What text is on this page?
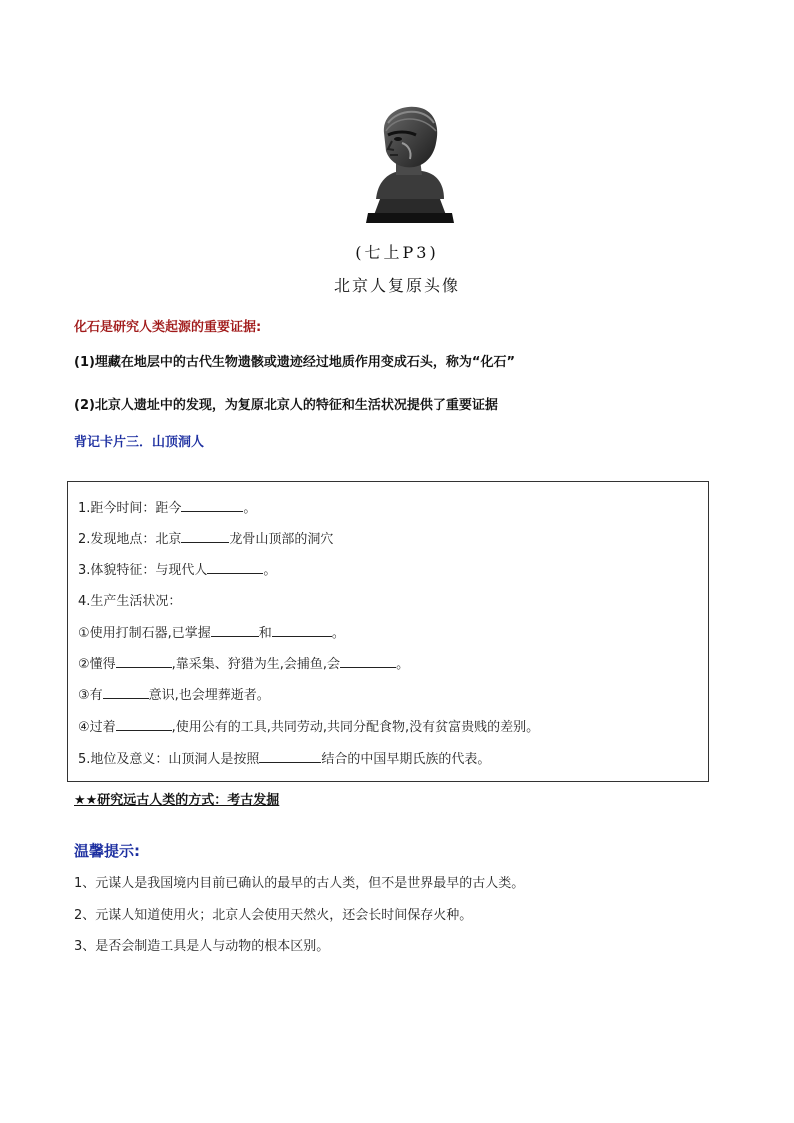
(七上P3)
北京人复原头像
化石是研究人类起源的重要证据:
(1)埋藏在地层中的古代生物遗骸或遗迹经过地质作用变成石头，称为“化石”
(2)北京人遗址中的发现，为复原北京人的特征和生活状况提供了重要证据
背记卡片三．山顶洞人
1.距今时间：距今	。
2.发现地点：北京	龙骨山顶部的洞穴
3.体貌特征：与现代人	。
4.生产生活状况：
①使用打制石器,已掌握	和	。
②懂得	,靠采集、狩猎为生,会捕鱼,会	。
③有	意识,也会埋葬逝者。
④过着	,使用公有的工具,共同劳动,共同分配食物,没有贫富贵贱的差别。
5.地位及意义：山顶洞人是按照	结合的中国早期氏族的代表。
★★研究远古人类的方式：考古发掘
温馨提示:
1、元谋人是我国境内目前已确认的最早的古人类，但不是世界最早的古人类。
2、元谋人知道使用火；北京人会使用天然火，还会长时间保存火种。
3、是否会制造工具是人与动物的根本区别。
